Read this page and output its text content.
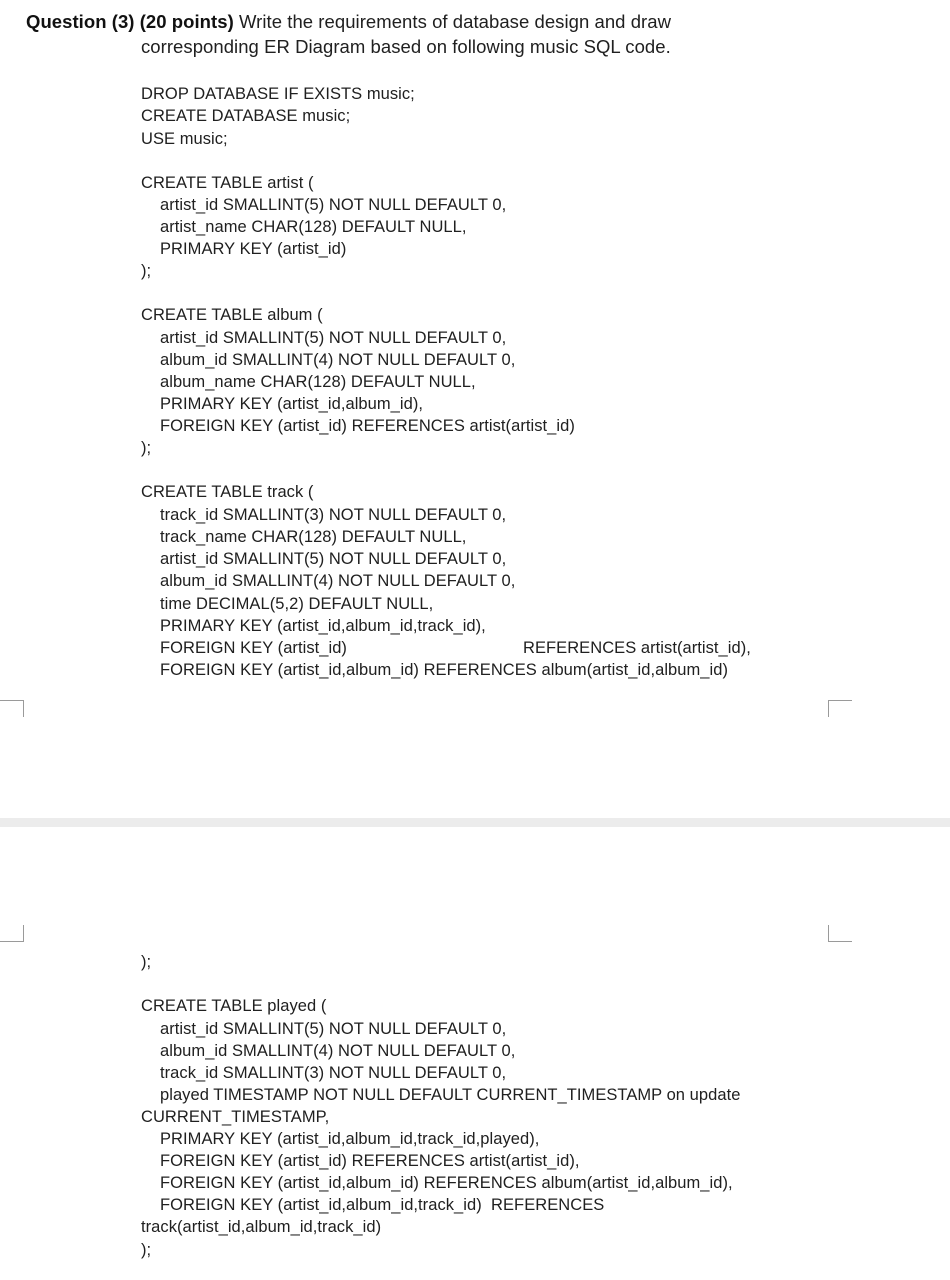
Question (3) (20 points) Write the requirements of database design and draw
corresponding ER Diagram based on following music SQL code.
DROP DATABASE IF EXISTS music;
CREATE DATABASE music;
USE music;
CREATE TABLE artist (
artist_id SMALLINT(5) NOT NULL DEFAULT 0,
artist_name CHAR(128) DEFAULT NULL,
PRIMARY KEY (artist_id)
);
CREATE TABLE album (
artist_id SMALLINT(5) NOT NULL DEFAULT 0,
album_id SMALLINT(4) NOT NULL DEFAULT 0,
album_name CHAR(128) DEFAULT NULL,
PRIMARY KEY (artist_id,album_id),
FOREIGN KEY (artist_id) REFERENCES artist(artist_id)
);
CREATE TABLE track (
track_id SMALLINT(3) NOT NULL DEFAULT 0,
track_name CHAR(128) DEFAULT NULL,
artist_id SMALLINT(5) NOT NULL DEFAULT 0,
album_id SMALLINT(4) NOT NULL DEFAULT 0,
time DECIMAL(5,2) DEFAULT NULL,
PRIMARY KEY (artist_id,album_id,track_id),
FOREIGN KEY (artist_id)	REFERENCES artist(artist_id),
FOREIGN KEY (artist_id,album_id) REFERENCES album(artist_id,album_id)
);
CREATE TABLE played (
artist_id SMALLINT(5) NOT NULL DEFAULT 0,
album_id SMALLINT(4) NOT NULL DEFAULT 0,
track_id SMALLINT(3) NOT NULL DEFAULT 0,
played TIMESTAMP NOT NULL DEFAULT CURRENT_TIMESTAMP on update
CURRENT_TIMESTAMP,
PRIMARY KEY (artist_id,album_id,track_id,played),
FOREIGN KEY (artist_id) REFERENCES artist(artist_id),
FOREIGN KEY (artist_id,album_id) REFERENCES album(artist_id,album_id),
FOREIGN KEY (artist_id,album_id,track_id)  REFERENCES
track(artist_id,album_id,track_id)
);
